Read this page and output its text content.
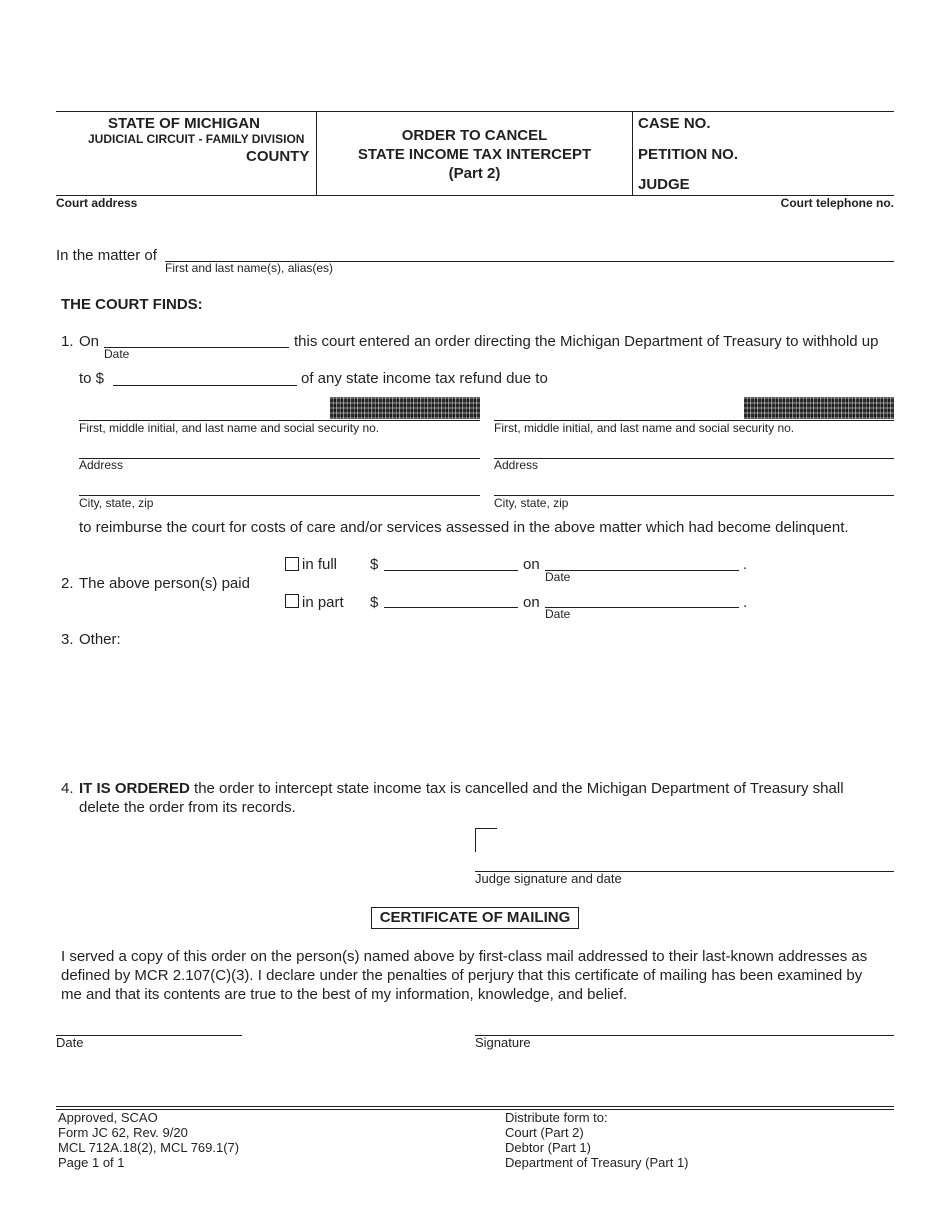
STATE OF MICHIGAN
JUDICIAL CIRCUIT - FAMILY DIVISION
COUNTY
ORDER TO CANCEL
STATE INCOME TAX INTERCEPT
(Part 2)
CASE NO.
PETITION NO.
JUDGE
Court address	Court telephone no.
In the matter of
First and last name(s), alias(es)
THE COURT FINDS:
1. On
Date
this court entered an order directing the Michigan Department of Treasury to withhold up
to $	of any state income tax refund due to
First, middle initial, and last name and social security no.	First, middle initial, and last name and social security no.
Address	Address
City, state, zip	City, state, zip
to reimburse the court for costs of care and/or services assessed in the above matter which had become delinquent.
2. The above person(s) paid
in full $	on
Date
.
in part $	on
Date
.
3. Other:
4. IT IS ORDERED the order to intercept state income tax is cancelled and the Michigan Department of Treasury shall
delete the order from its records.
Judge signature and date
CERTIFICATE OF MAILING
I served a copy of this order on the person(s) named above by first-class mail addressed to their last-known addresses as
defined by MCR 2.107(C)(3). I declare under the penalties of perjury that this certificate of mailing has been examined by
me and that its contents are true to the best of my information, knowledge, and belief.
Date	Signature
Approved, SCAO
Form JC 62, Rev. 9/20
MCL 712A.18(2), MCL 769.1(7)
Page 1 of 1
Distribute form to:
Court (Part 2)
Debtor (Part 1)
Department of Treasury (Part 1)
